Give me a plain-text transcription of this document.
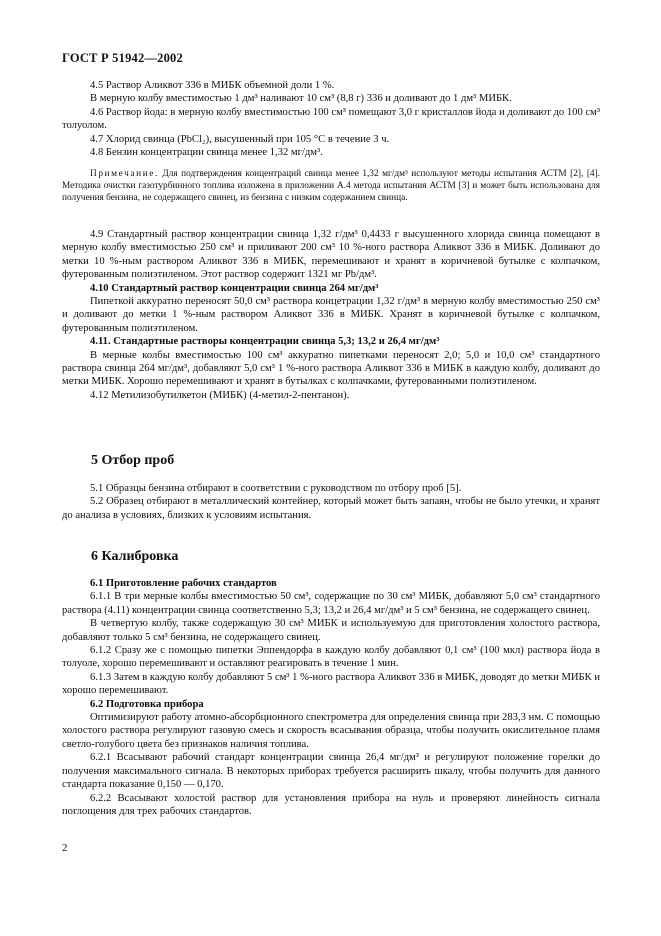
ГОСТ Р 51942—2002

4.5 Раствор Аликвот 336 в МИБК объемной доли 1 %.

В мерную колбу вместимостью 1 дм³ наливают 10 см³ (8,8 г) 336 и доливают до 1 дм³ МИБК.

4.6 Раствор йода: в мерную колбу вместимостью 100 см³ помещают 3,0 г кристаллов йода и доливают до 100 см³ толуолом.

4.7 Хлорид свинца (PbCl₂), высушенный при 105 °C в течение 3 ч.

4.8 Бензин концентрации свинца менее 1,32 мг/дм³.

Примечание. Для подтверждения концентраций свинца менее 1,32 мг/дм³ используют методы испытания АСТМ [2], [4]. Методика очистки газотурбинного топлива изложена в приложении А.4 метода испытания АСТМ [3] и может быть использована для получения бензина, не содержащего свинец, из бензина с низким содержанием свинца.

4.9 Стандартный раствор концентрации свинца 1,32 г/дм³ 0,4433 г высушенного хлорида свинца помещают в мерную колбу вместимостью 250 см³ и приливают 200 см³ 10 %-ного раствора Аликвот 336 в МИБК. Доливают до метки 10 %-ным раствором Аликвот 336 в МИБК, перемешивают и хранят в коричневой бутылке с колпачком, футерованным полиэтиленом. Этот раствор содержит 1321 мг Pb/дм³.

4.10 Стандартный раствор концентрации свинца 264 мг/дм³

Пипеткой аккуратно переносят 50,0 см³ раствора концетрации 1,32 г/дм³ в мерную колбу вместимостью 250 см³ и доливают до метки 1 %-ным раствором Аликвот 336 в МИБК. Хранят в коричневой бутылке с колпачком, футерованным полиэтиленом.

4.11. Стандартные растворы концентрации свинца 5,3; 13,2 и 26,4 мг/дм³

В мерные колбы вместимостью 100 см³ аккуратно пипетками переносят 2,0; 5,0 и 10,0 см³ стандартного раствора свинца 264 мг/дм³, добавляют 5,0 см³ 1 %-ного раствора Аликвот 336 в МИБК в каждую колбу, доливают до метки МИБК. Хорошо перемешивают и хранят в бутылках с колпачками, футерованными полиэтиленом.

4.12 Метилизобутилкетон (МИБК) (4-метил-2-пентанон).

5 Отбор проб

5.1 Образцы бензина отбирают в соответствии с руководством по отбору проб [5].

5.2 Образец отбирают в металлический контейнер, который может быть запаян, чтобы не было утечки, и хранят до анализа в условиях, близких к условиям испытания.

6 Калибровка

6.1 Приготовление рабочих стандартов

6.1.1 В три мерные колбы вместимостью 50 см³, содержащие по 30 см³ МИБК, добавляют 5,0 см³ стандартного раствора (4.11) концентрации свинца соответственно 5,3; 13,2 и 26,4 мг/дм³ и 5 см³ бензина, не содержащего свинец.

В четвертую колбу, также содержащую 30 см³ МИБК и используемую для приготовления холостого раствора, добавляют только 5 см³ бензина, не содержащего свинец.

6.1.2 Сразу же с помощью пипетки Эппендорфа в каждую колбу добавляют 0,1 см³ (100 мкл) раствора йода в толуоле, хорошо перемешивают и оставляют реагировать в течение 1 мин.

6.1.3 Затем в каждую колбу добавляют 5 см³ 1 %-ного раствора Аликвот 336 в МИБК, доводят до метки МИБК и хорошо перемешивают.

6.2 Подготовка прибора

Оптимизируют работу атомно-абсорбционного спектрометра для определения свинца при 283,3 нм. С помощью холостого раствора регулируют газовую смесь и скорость всасывания образца, чтобы получить окислительное пламя светло-голубого цвета без признаков наличия топлива.

6.2.1 Всасывают рабочий стандарт концентрации свинца 26,4 мг/дм³ и регулируют положение горелки до получения максимального сигнала. В некоторых приборах требуется расширить шкалу, чтобы получить для данного стандарта показание 0,150 — 0,170.

6.2.2 Всасывают холостой раствор для установления прибора на нуль и проверяют линейность сигнала поглощения для трех рабочих стандартов.

2
